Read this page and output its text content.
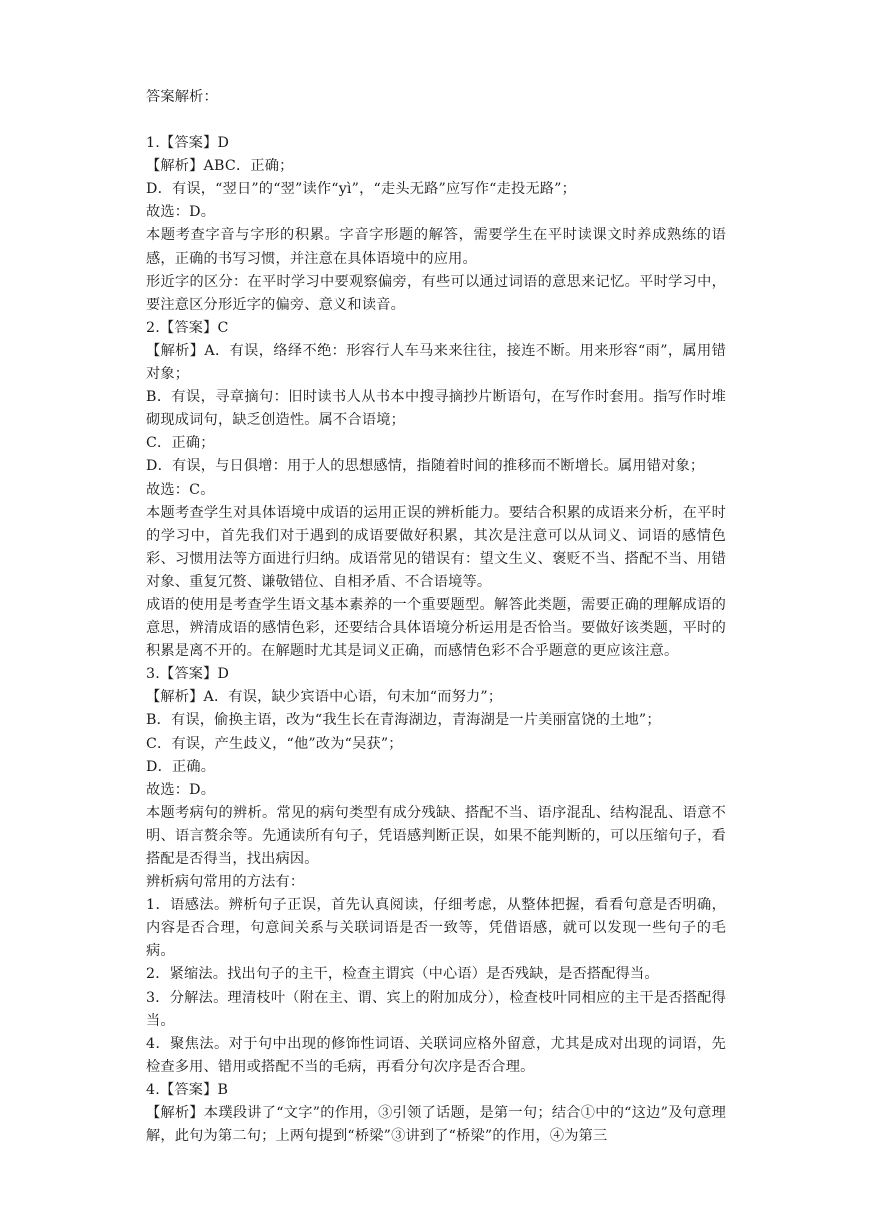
答案解析：

1.【答案】D

【解析】ABC．正确；

D．有误，“翌日”的“翌”读作“yì”，“走头无路”应写作“走投无路”；

故选：D。

本题考查字音与字形的积累。字音字形题的解答，需要学生在平时读课文时养成熟练的语感，正确的书写习惯，并注意在具体语境中的应用。

形近字的区分：在平时学习中要观察偏旁，有些可以通过词语的意思来记忆。平时学习中，要注意区分形近字的偏旁、意义和读音。

2.【答案】C

【解析】A．有误，络绎不绝：形容行人车马来来往往，接连不断。用来形容“雨”，属用错对象；

B．有误，寻章摘句：旧时读书人从书本中搜寻摘抄片断语句，在写作时套用。指写作时堆砌现成词句，缺乏创造性。属不合语境；

C．正确；

D．有误，与日俱增：用于人的思想感情，指随着时间的推移而不断增长。属用错对象；

故选：C。

本题考查学生对具体语境中成语的运用正误的辨析能力。要结合积累的成语来分析，在平时的学习中，首先我们对于遇到的成语要做好积累，其次是注意可以从词义、词语的感情色彩、习惯用法等方面进行归纳。成语常见的错误有：望文生义、褒贬不当、搭配不当、用错对象、重复冗赘、谦敬错位、自相矛盾、不合语境等。

成语的使用是考查学生语文基本素养的一个重要题型。解答此类题，需要正确的理解成语的意思，辨清成语的感情色彩，还要结合具体语境分析运用是否恰当。要做好该类题，平时的积累是离不开的。在解题时尤其是词义正确，而感情色彩不合乎题意的更应该注意。

3.【答案】D

【解析】A．有误，缺少宾语中心语，句末加“而努力”；

B．有误，偷换主语，改为“我生长在青海湖边，青海湖是一片美丽富饶的土地”；

C．有误，产生歧义，“他”改为“吴获”；

D．正确。

故选：D。

本题考病句的辨析。常见的病句类型有成分残缺、搭配不当、语序混乱、结构混乱、语意不明、语言赘余等。先通读所有句子，凭语感判断正误，如果不能判断的，可以压缩句子，看搭配是否得当，找出病因。

辨析病句常用的方法有：

1．语感法。辨析句子正误，首先认真阅读，仔细考虑，从整体把握，看看句意是否明确，内容是否合理，句意间关系与关联词语是否一致等，凭借语感，就可以发现一些句子的毛病。

2．紧缩法。找出句子的主干，检查主谓宾（中心语）是否残缺，是否搭配得当。

3．分解法。理清枝叶（附在主、谓、宾上的附加成分），检查枝叶同相应的主干是否搭配得当。

4．聚焦法。对于句中出现的修饰性词语、关联词应格外留意，尤其是成对出现的词语，先检查多用、错用或搭配不当的毛病，再看分句次序是否合理。

4.【答案】B

【解析】本璞段讲了“文字”的作用，③引领了话题，是第一句；结合①中的“这边”及句意理解，此句为第二句；上两句提到“桥梁”③讲到了“桥梁”的作用，④为第三
